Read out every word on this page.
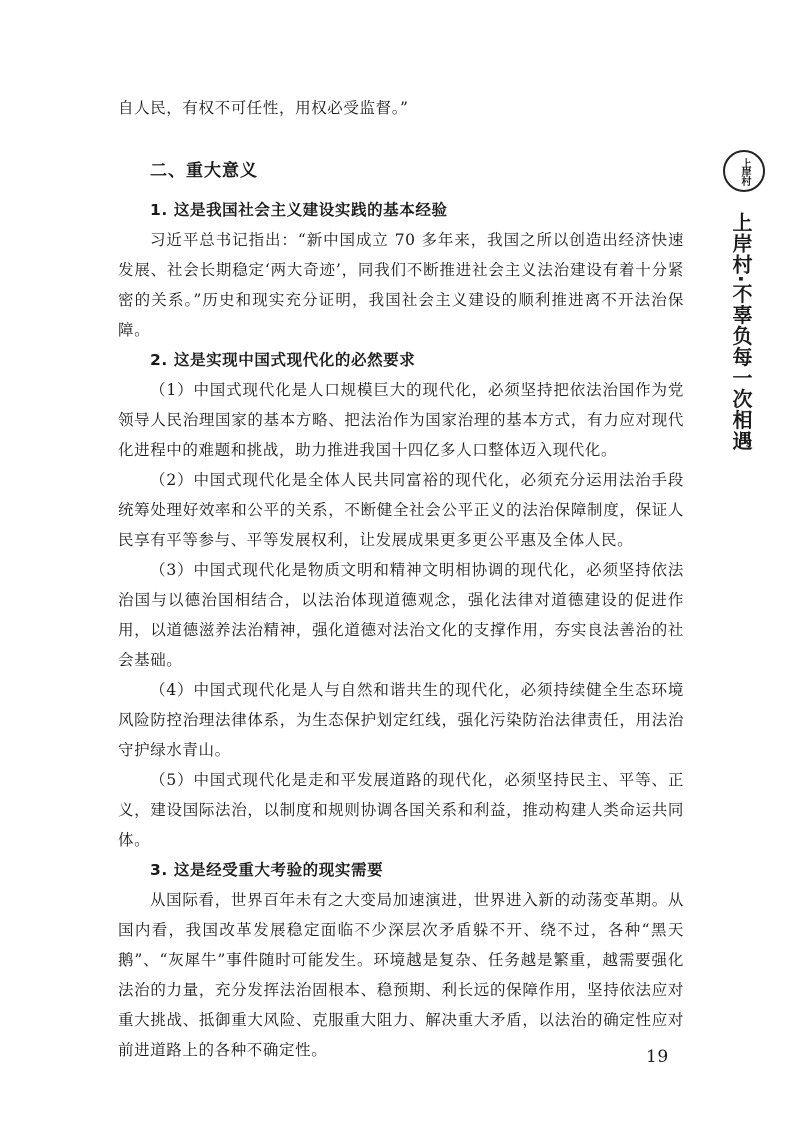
自人民，有权不可任性，用权必受监督。”

二、重大意义
1. 这是我国社会主义建设实践的基本经验

习近平总书记指出：“新中国成立 70 多年来，我国之所以创造出经济快速发展、社会长期稳定‘两大奇迹’，同我们不断推进社会主义法治建设有着十分紧密的关系。”历史和现实充分证明，我国社会主义建设的顺利推进离不开法治保障。

2. 这是实现中国式现代化的必然要求

（1）中国式现代化是人口规模巨大的现代化，必须坚持把依法治国作为党领导人民治理国家的基本方略、把法治作为国家治理的基本方式，有力应对现代化进程中的难题和挑战，助力推进我国十四亿多人口整体迈入现代化。

（2）中国式现代化是全体人民共同富裕的现代化，必须充分运用法治手段统筹处理好效率和公平的关系，不断健全社会公平正义的法治保障制度，保证人民享有平等参与、平等发展权利，让发展成果更多更公平惠及全体人民。

（3）中国式现代化是物质文明和精神文明相协调的现代化，必须坚持依法治国与以德治国相结合，以法治体现道德观念，强化法律对道德建设的促进作用，以道德滋养法治精神，强化道德对法治文化的支撑作用，夯实良法善治的社会基础。

（4）中国式现代化是人与自然和谐共生的现代化，必须持续健全生态环境风险防控治理法律体系，为生态保护划定红线，强化污染防治法律责任，用法治守护绿水青山。

（5）中国式现代化是走和平发展道路的现代化，必须坚持民主、平等、正义，建设国际法治，以制度和规则协调各国关系和利益，推动构建人类命运共同体。

3. 这是经受重大考验的现实需要

从国际看，世界百年未有之大变局加速演进，世界进入新的动荡变革期。从国内看，我国改革发展稳定面临不少深层次矛盾躲不开、绕不过，各种“黑天鹅”、“灰犀牛”事件随时可能发生。环境越是复杂、任务越是繁重，越需要强化法治的力量，充分发挥法治固根本、稳预期、利长远的保障作用，坚持依法应对重大挑战、抵御重大风险、克服重大阻力、解决重大矛盾，以法治的确定性应对前进道路上的各种不确定性。

上岸村
上岸村·不辜负每一次相遇
19
